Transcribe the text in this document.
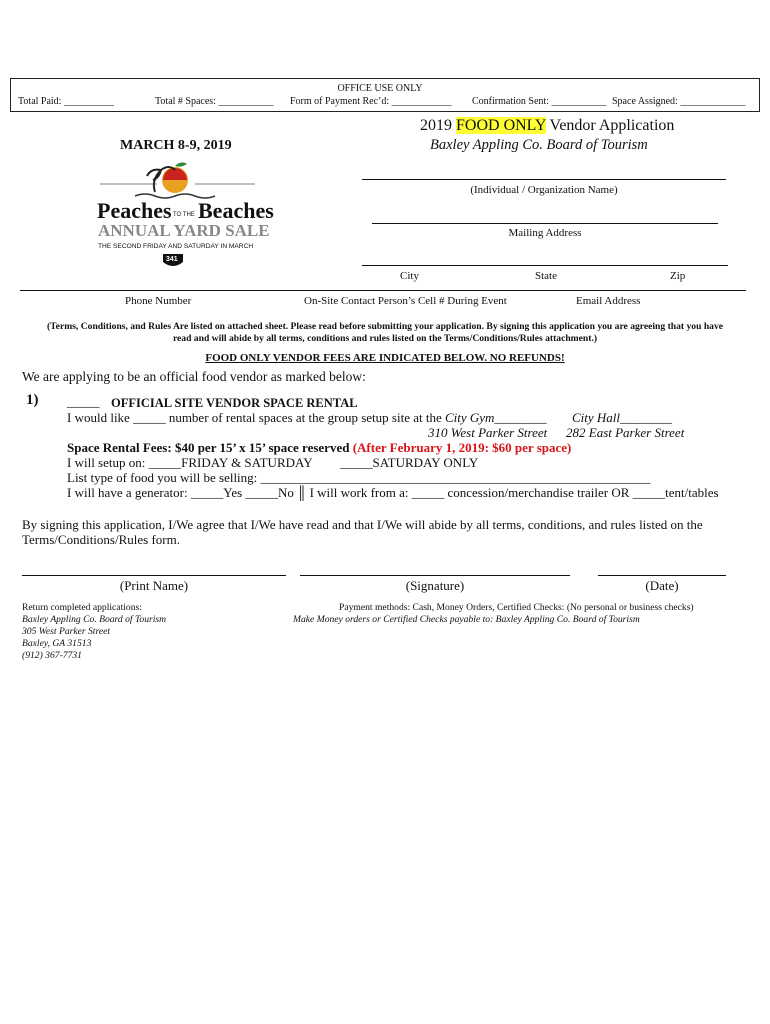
OFFICE USE ONLY
Total Paid: __________	Total # Spaces: ___________ Form of Payment Rec’d: ____________ Confirmation Sent: ___________ Space Assigned: _____________
MARCH 8-9, 2019
2019 FOOD ONLY Vendor Application
Baxley Appling Co. Board of Tourism
Peaches TO THE Beaches
ANNUAL YARD SALE
THE SECOND FRIDAY AND SATURDAY IN MARCH
341
(Individual / Organization Name)
Mailing Address
City	State	Zip
Phone Number	On-Site Contact Person’s Cell # During Event	Email Address
(Terms, Conditions, and Rules Are listed on attached sheet. Please read before submitting your application. By signing this application you are agreeing that you have
read and will abide by all terms, conditions and rules listed on the Terms/Conditions/Rules attachment.)
FOOD ONLY VENDOR FEES ARE INDICATED BELOW. NO REFUNDS!
We are applying to be an official food vendor as marked below:
1) _____ OFFICIAL SITE VENDOR SPACE RENTAL
I would like _____ number of rental spaces at the group setup site at the City Gym________ City Hall________
310 West Parker Street 282 East Parker Street
Space Rental Fees: $40 per 15’ x 15’ space reserved (After February 1, 2019: $60 per space)
I will setup on: _____FRIDAY & SATURDAY _____SATURDAY ONLY
List type of food you will be selling: ____________________________________________________________
I will have a generator: _____Yes _____No ║ I will work from a: _____ concession/merchandise trailer OR _____tent/tables
By signing this application, I/We agree that I/We have read and that I/We will abide by all terms, conditions, and rules listed on the
Terms/Conditions/Rules form.
(Print Name)	(Signature)	(Date)
Return completed applications:
Baxley Appling Co. Board of Tourism
305 West Parker Street
Baxley, GA 31513
(912) 367-7731
Payment methods: Cash, Money Orders, Certified Checks: (No personal or business checks)
Make Money orders or Certified Checks payable to: Baxley Appling Co. Board of Tourism
